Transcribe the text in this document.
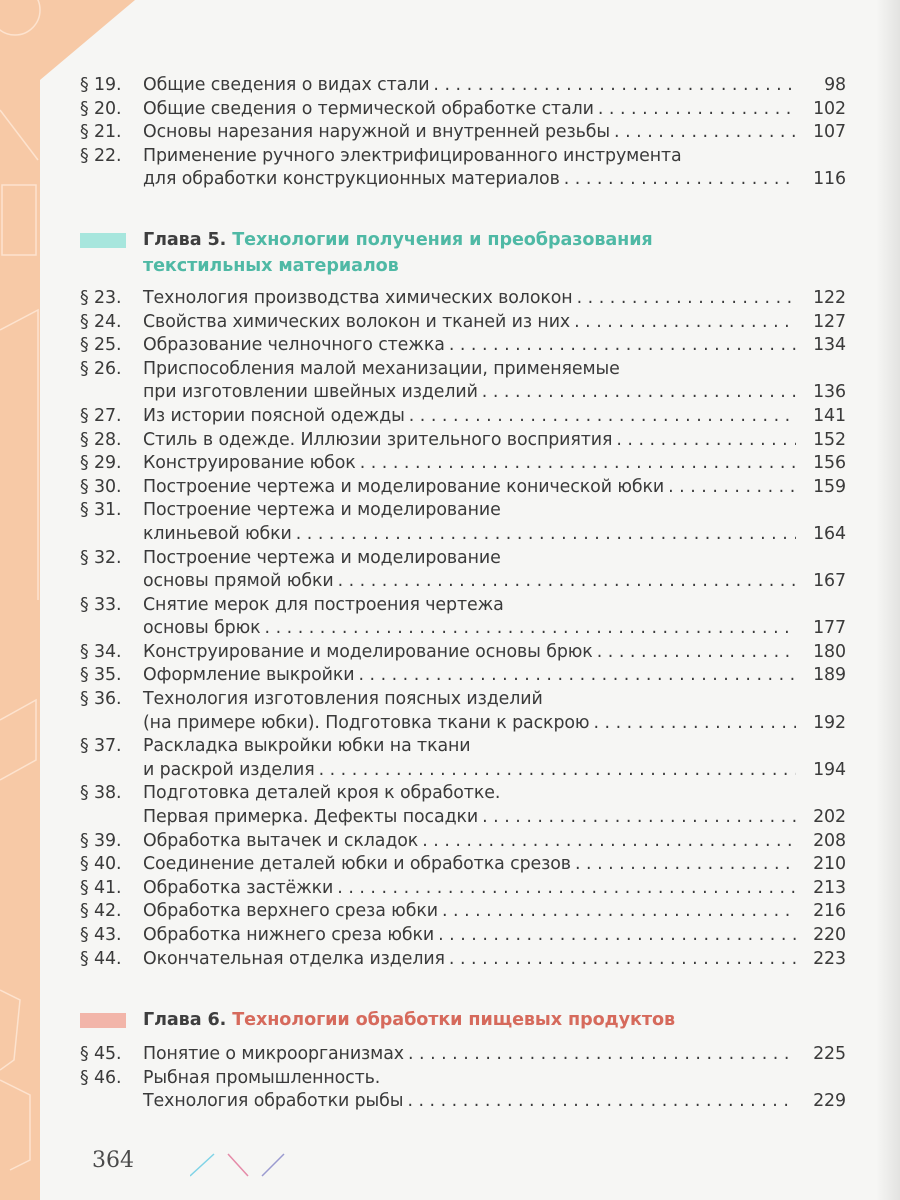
§ 19.	Общие сведения о видах стали . . .	98
§ 20.	Общие сведения о термической обработке стали . . .	102
§ 21.	Основы нарезания наружной и внутренней резьбы . . .	107
§ 22.	Применение ручного электрифицированного инструмента
для обработки конструкционных материалов . . .	116
Глава 5. Технологии получения и преобразования
текстильных материалов
§ 23.	Технология производства химических волокон . . .	122
§ 24.	Свойства химических волокон и тканей из них . . .	127
§ 25.	Образование челночного стежка . . .	134
§ 26.	Приспособления малой механизации, применяемые
при изготовлении швейных изделий . . .	136
§ 27.	Из истории поясной одежды . . .	141
§ 28.	Стиль в одежде. Иллюзии зрительного восприятия . . .	152
§ 29.	Конструирование юбок . . .	156
§ 30.	Построение чертежа и моделирование конической юбки . . .	159
§ 31.	Построение чертежа и моделирование
клиньевой юбки . . .	164
§ 32.	Построение чертежа и моделирование
основы прямой юбки . . .	167
§ 33.	Снятие мерок для построения чертежа
основы брюк . . .	177
§ 34.	Конструирование и моделирование основы брюк . . .	180
§ 35.	Оформление выкройки . . .	189
§ 36.	Технология изготовления поясных изделий
(на примере юбки). Подготовка ткани к раскрою . . .	192
§ 37.	Раскладка выкройки юбки на ткани
и раскрой изделия . . .	194
§ 38.	Подготовка деталей кроя к обработке.
Первая примерка. Дефекты посадки . . .	202
§ 39.	Обработка вытачек и складок . . .	208
§ 40.	Соединение деталей юбки и обработка срезов . . .	210
§ 41.	Обработка застёжки . . .	213
§ 42.	Обработка верхнего среза юбки . . .	216
§ 43.	Обработка нижнего среза юбки . . .	220
§ 44.	Окончательная отделка изделия . . .	223
Глава 6. Технологии обработки пищевых продуктов
§ 45.	Понятие о микроорганизмах . . .	225
§ 46.	Рыбная промышленность.
Технология обработки рыбы . . .	229
364
